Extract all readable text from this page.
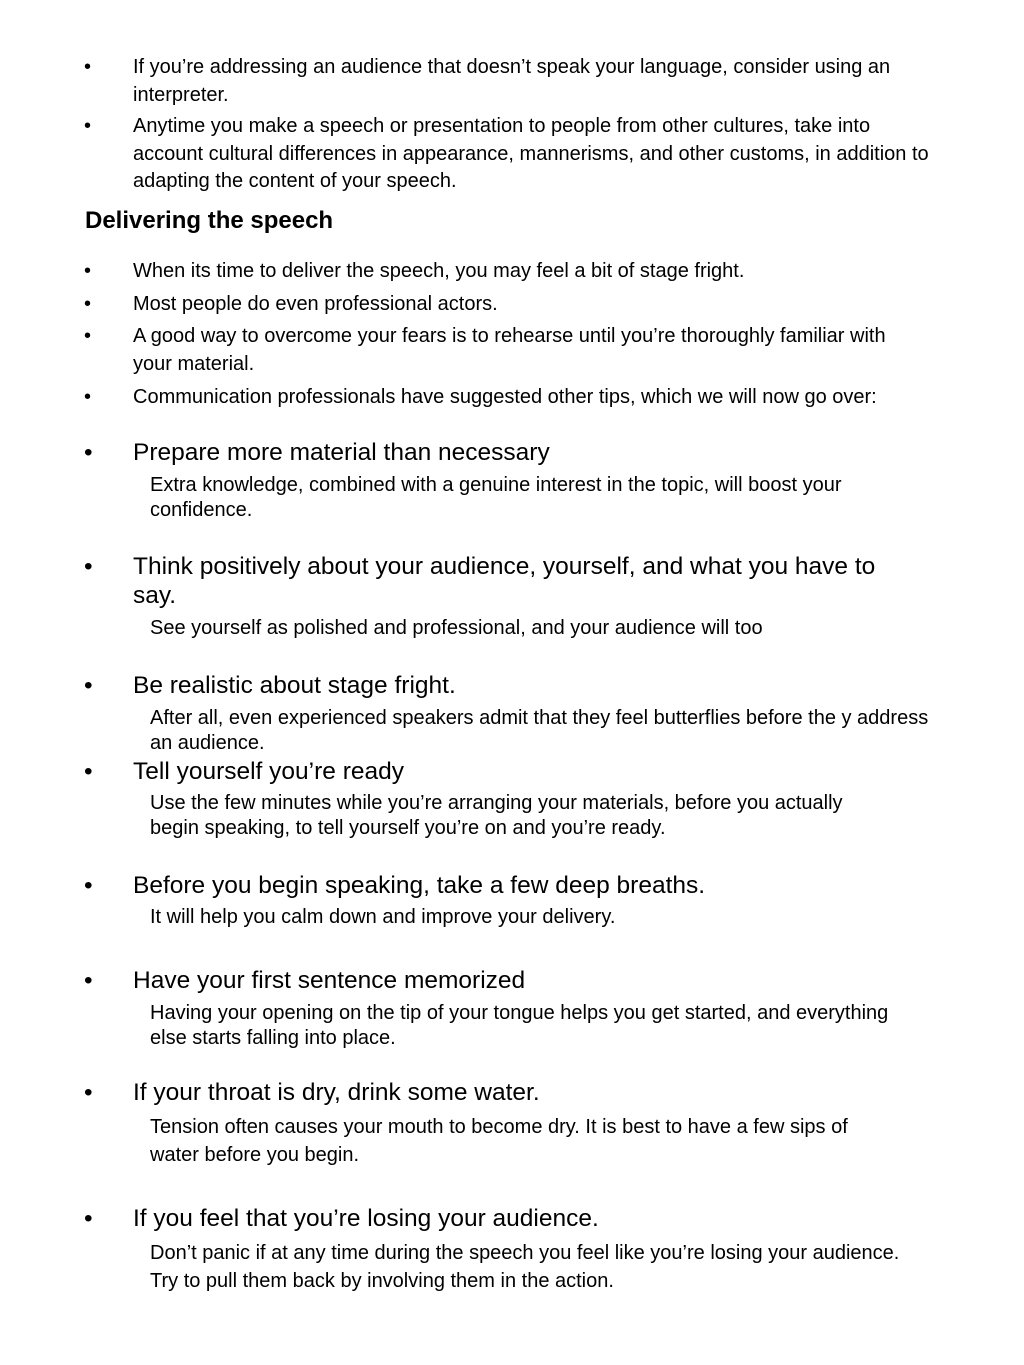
•	If you’re addressing an audience that doesn’t speak your language, consider using an interpreter.
•	Anytime you make a speech or presentation to people from other cultures, take into account cultural differences in appearance, mannerisms, and other customs, in addition to adapting the content of your speech.
Delivering the speech
•	When its time to deliver the speech, you may feel a bit of stage fright.
•	Most people do even professional actors.
•	A good way to overcome your fears is to rehearse until you’re thoroughly familiar with your material.
•	Communication professionals have suggested other tips, which we will now go over:
•	Prepare more material than necessary
Extra knowledge, combined with a genuine interest in the topic, will boost your confidence.
•	Think positively about your audience, yourself, and what you have to say.
See yourself as polished and professional, and your audience will too
•	Be realistic about stage fright.
After all, even experienced speakers admit that they feel butterflies before the y address an audience.
•	Tell yourself you’re ready
Use the few minutes while you’re arranging your materials, before you actually begin speaking, to tell yourself you’re on and you’re ready.
•	Before you begin speaking, take a few deep breaths.
It will help you calm down and improve your delivery.
•	Have your first sentence memorized
Having your opening on the tip of your tongue helps you get started, and everything else starts falling into place.
•	If your throat is dry, drink some water.
Tension often causes your mouth to become dry. It is best to have a few sips of water before you begin.
•	If you feel that you’re losing your audience.
Don’t panic if at any time during the speech you feel like you’re losing your audience. Try to pull them back by involving them in the action.
